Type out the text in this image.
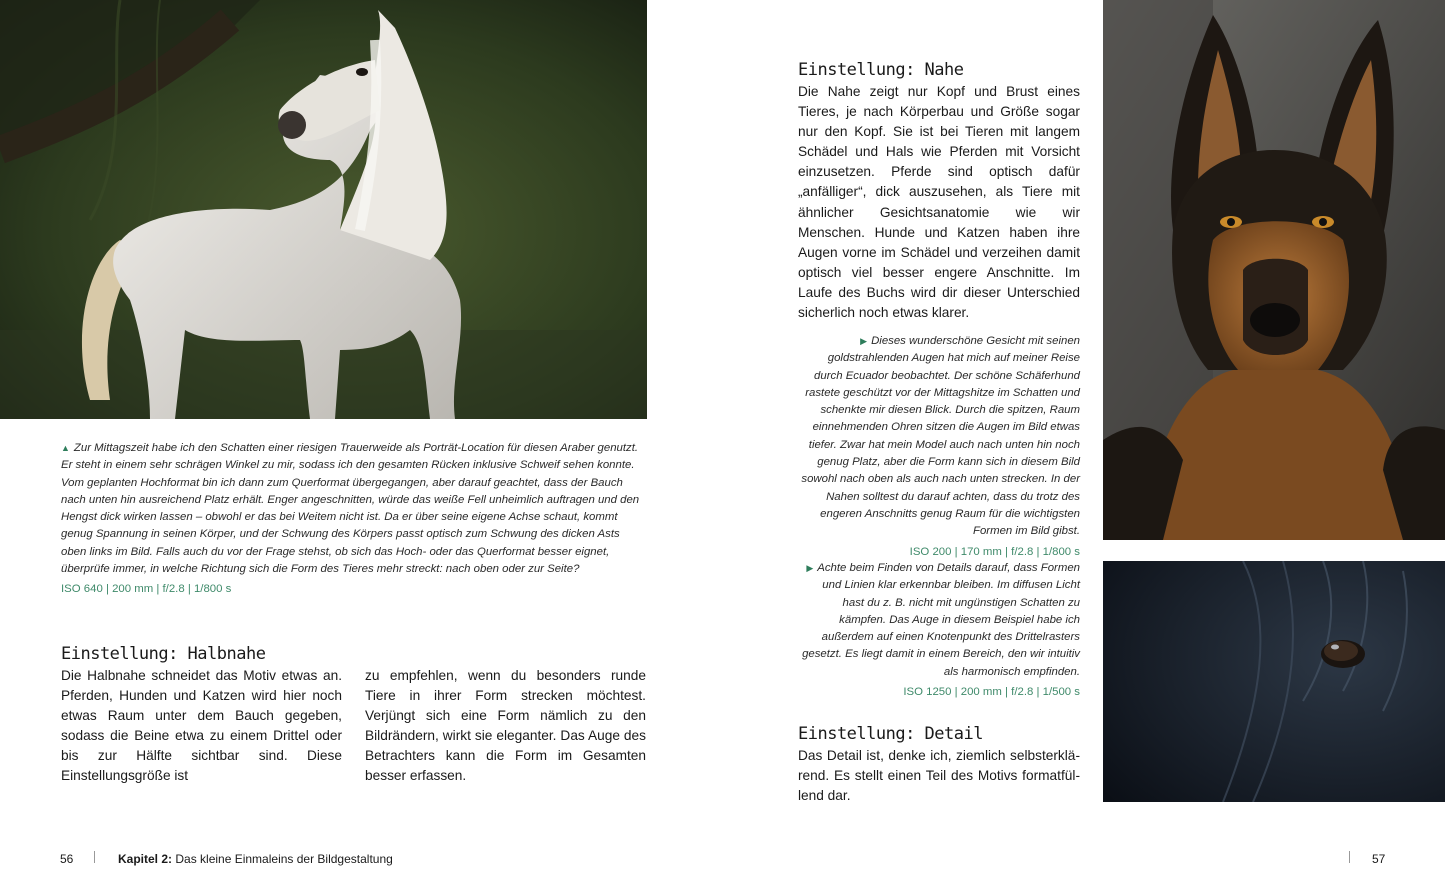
▲ Zur Mittagszeit habe ich den Schatten einer riesigen Trauerweide als Porträt-Location für diesen Araber genutzt. Er steht in einem sehr schrägen Winkel zu mir, sodass ich den gesamten Rücken inklusive Schweif sehen konnte. Vom geplanten Hochformat bin ich dann zum Querformat übergegangen, aber darauf geachtet, dass der Bauch nach unten hin ausreichend Platz erhält. Enger angeschnitten, würde das weiße Fell unheimlich auftragen und den Hengst dick wirken lassen – obwohl er das bei Weitem nicht ist. Da er über seine eigene Achse schaut, kommt genug Spannung in seinen Körper, und der Schwung des Körpers passt optisch zum Schwung des dicken Asts oben links im Bild. Falls auch du vor der Frage stehst, ob sich das Hoch- oder das Querformat besser eignet, überprüfe immer, in welche Richtung sich die Form des Tieres mehr streckt: nach oben oder zur Seite?
ISO 640 | 200 mm | f/2.8 | 1/800 s
Einstellung: Halbnahe

Die Halbnahe schneidet das Motiv etwas an. Pferden, Hunden und Katzen wird hier noch etwas Raum unter dem Bauch gegeben, sodass die Beine etwa zu einem Drittel oder bis zur Hälfte sichtbar sind. Diese Einstellungsgröße ist

zu empfehlen, wenn du besonders runde Tiere in ihrer Form strecken möchtest. Verjüngt sich eine Form nämlich zu den Bildrändern, wirkt sie eleganter. Das Auge des Betrachters kann die Form im Gesamten besser erfassen.

Einstellung: Nahe

Die Nahe zeigt nur Kopf und Brust eines Tieres, je nach Körperbau und Größe sogar nur den Kopf. Sie ist bei Tieren mit langem Schädel und Hals wie Pferden mit Vorsicht einzusetzen. Pferde sind optisch dafür „anfälliger“, dick auszusehen, als Tiere mit ähnlicher Gesichtsanatomie wie wir Menschen. Hunde und Katzen haben ihre Augen vorne im Schädel und verzeihen damit optisch viel besser engere Anschnitte. Im Laufe des Buchs wird dir dieser Unterschied sicherlich noch etwas klarer.

▶ Dieses wunderschöne Gesicht mit seinen goldstrahlenden Augen hat mich auf meiner Reise durch Ecuador beobachtet. Der schöne Schäferhund rastete geschützt vor der Mittagshitze im Schatten und schenkte mir diesen Blick. Durch die spitzen, Raum einnehmenden Ohren sitzen die Augen im Bild etwas tiefer. Zwar hat mein Model auch nach unten hin noch genug Platz, aber die Form kann sich in diesem Bild sowohl nach oben als auch nach unten strecken. In der Nahen solltest du darauf achten, dass du trotz des engeren Anschnitts genug Raum für die wichtigsten Formen im Bild gibst.
ISO 200 | 170 mm | f/2.8 | 1/800 s
▶ Achte beim Finden von Details darauf, dass Formen und Linien klar erkennbar bleiben. Im diffusen Licht hast du z. B. nicht mit ungünstigen Schatten zu kämpfen. Das Auge in diesem Beispiel habe ich außerdem auf einen Knotenpunkt des Drittelrasters gesetzt. Es liegt damit in einem Bereich, den wir intuitiv als harmonisch empfinden.
ISO 1250 | 200 mm | f/2.8 | 1/500 s
Einstellung: Detail

Das Detail ist, denke ich, ziemlich selbsterklärend. Es stellt einen Teil des Motivs formatfüllend dar.

56	Kapitel 2: Das kleine Einmaleins der Bildgestaltung	57
